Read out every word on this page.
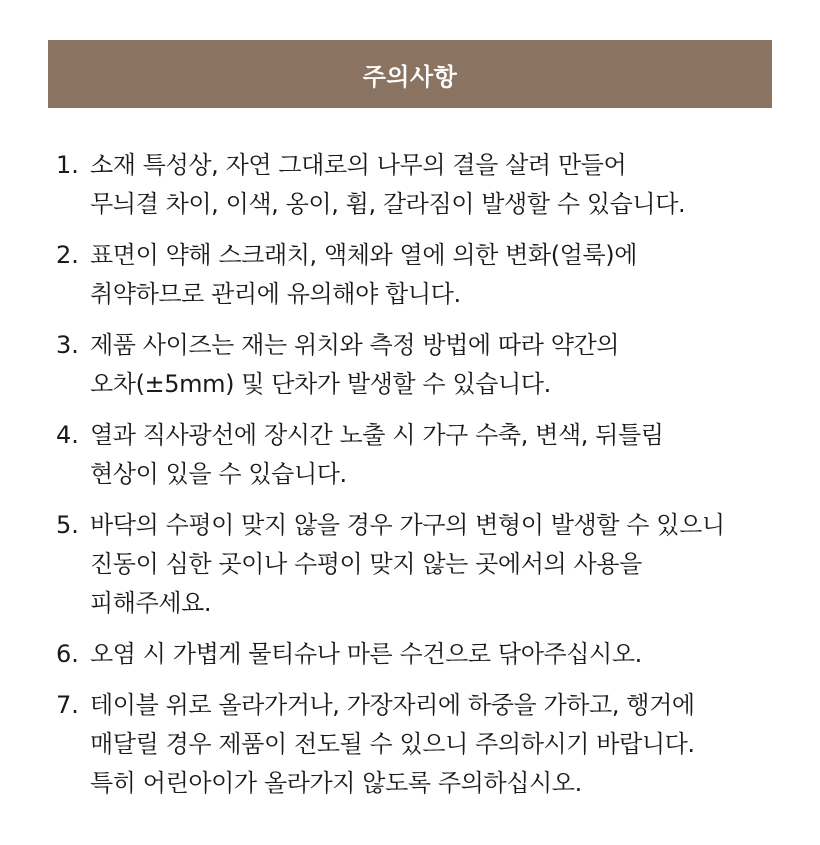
주의사항
1. 소재 특성상, 자연 그대로의 나무의 결을 살려 만들어
무늬결 차이, 이색, 옹이, 휨, 갈라짐이 발생할 수 있습니다.
2. 표면이 약해 스크래치, 액체와 열에 의한 변화(얼룩)에
취약하므로 관리에 유의해야 합니다.
3. 제품 사이즈는 재는 위치와 측정 방법에 따라 약간의
오차(±5mm) 및 단차가 발생할 수 있습니다.
4. 열과 직사광선에 장시간 노출 시 가구 수축, 변색, 뒤틀림
현상이 있을 수 있습니다.
5. 바닥의 수평이 맞지 않을 경우 가구의 변형이 발생할 수 있으니
진동이 심한 곳이나 수평이 맞지 않는 곳에서의 사용을
피해주세요.
6. 오염 시 가볍게 물티슈나 마른 수건으로 닦아주십시오.
7. 테이블 위로 올라가거나, 가장자리에 하중을 가하고, 행거에
매달릴 경우 제품이 전도될 수 있으니 주의하시기 바랍니다.
특히 어린아이가 올라가지 않도록 주의하십시오.
